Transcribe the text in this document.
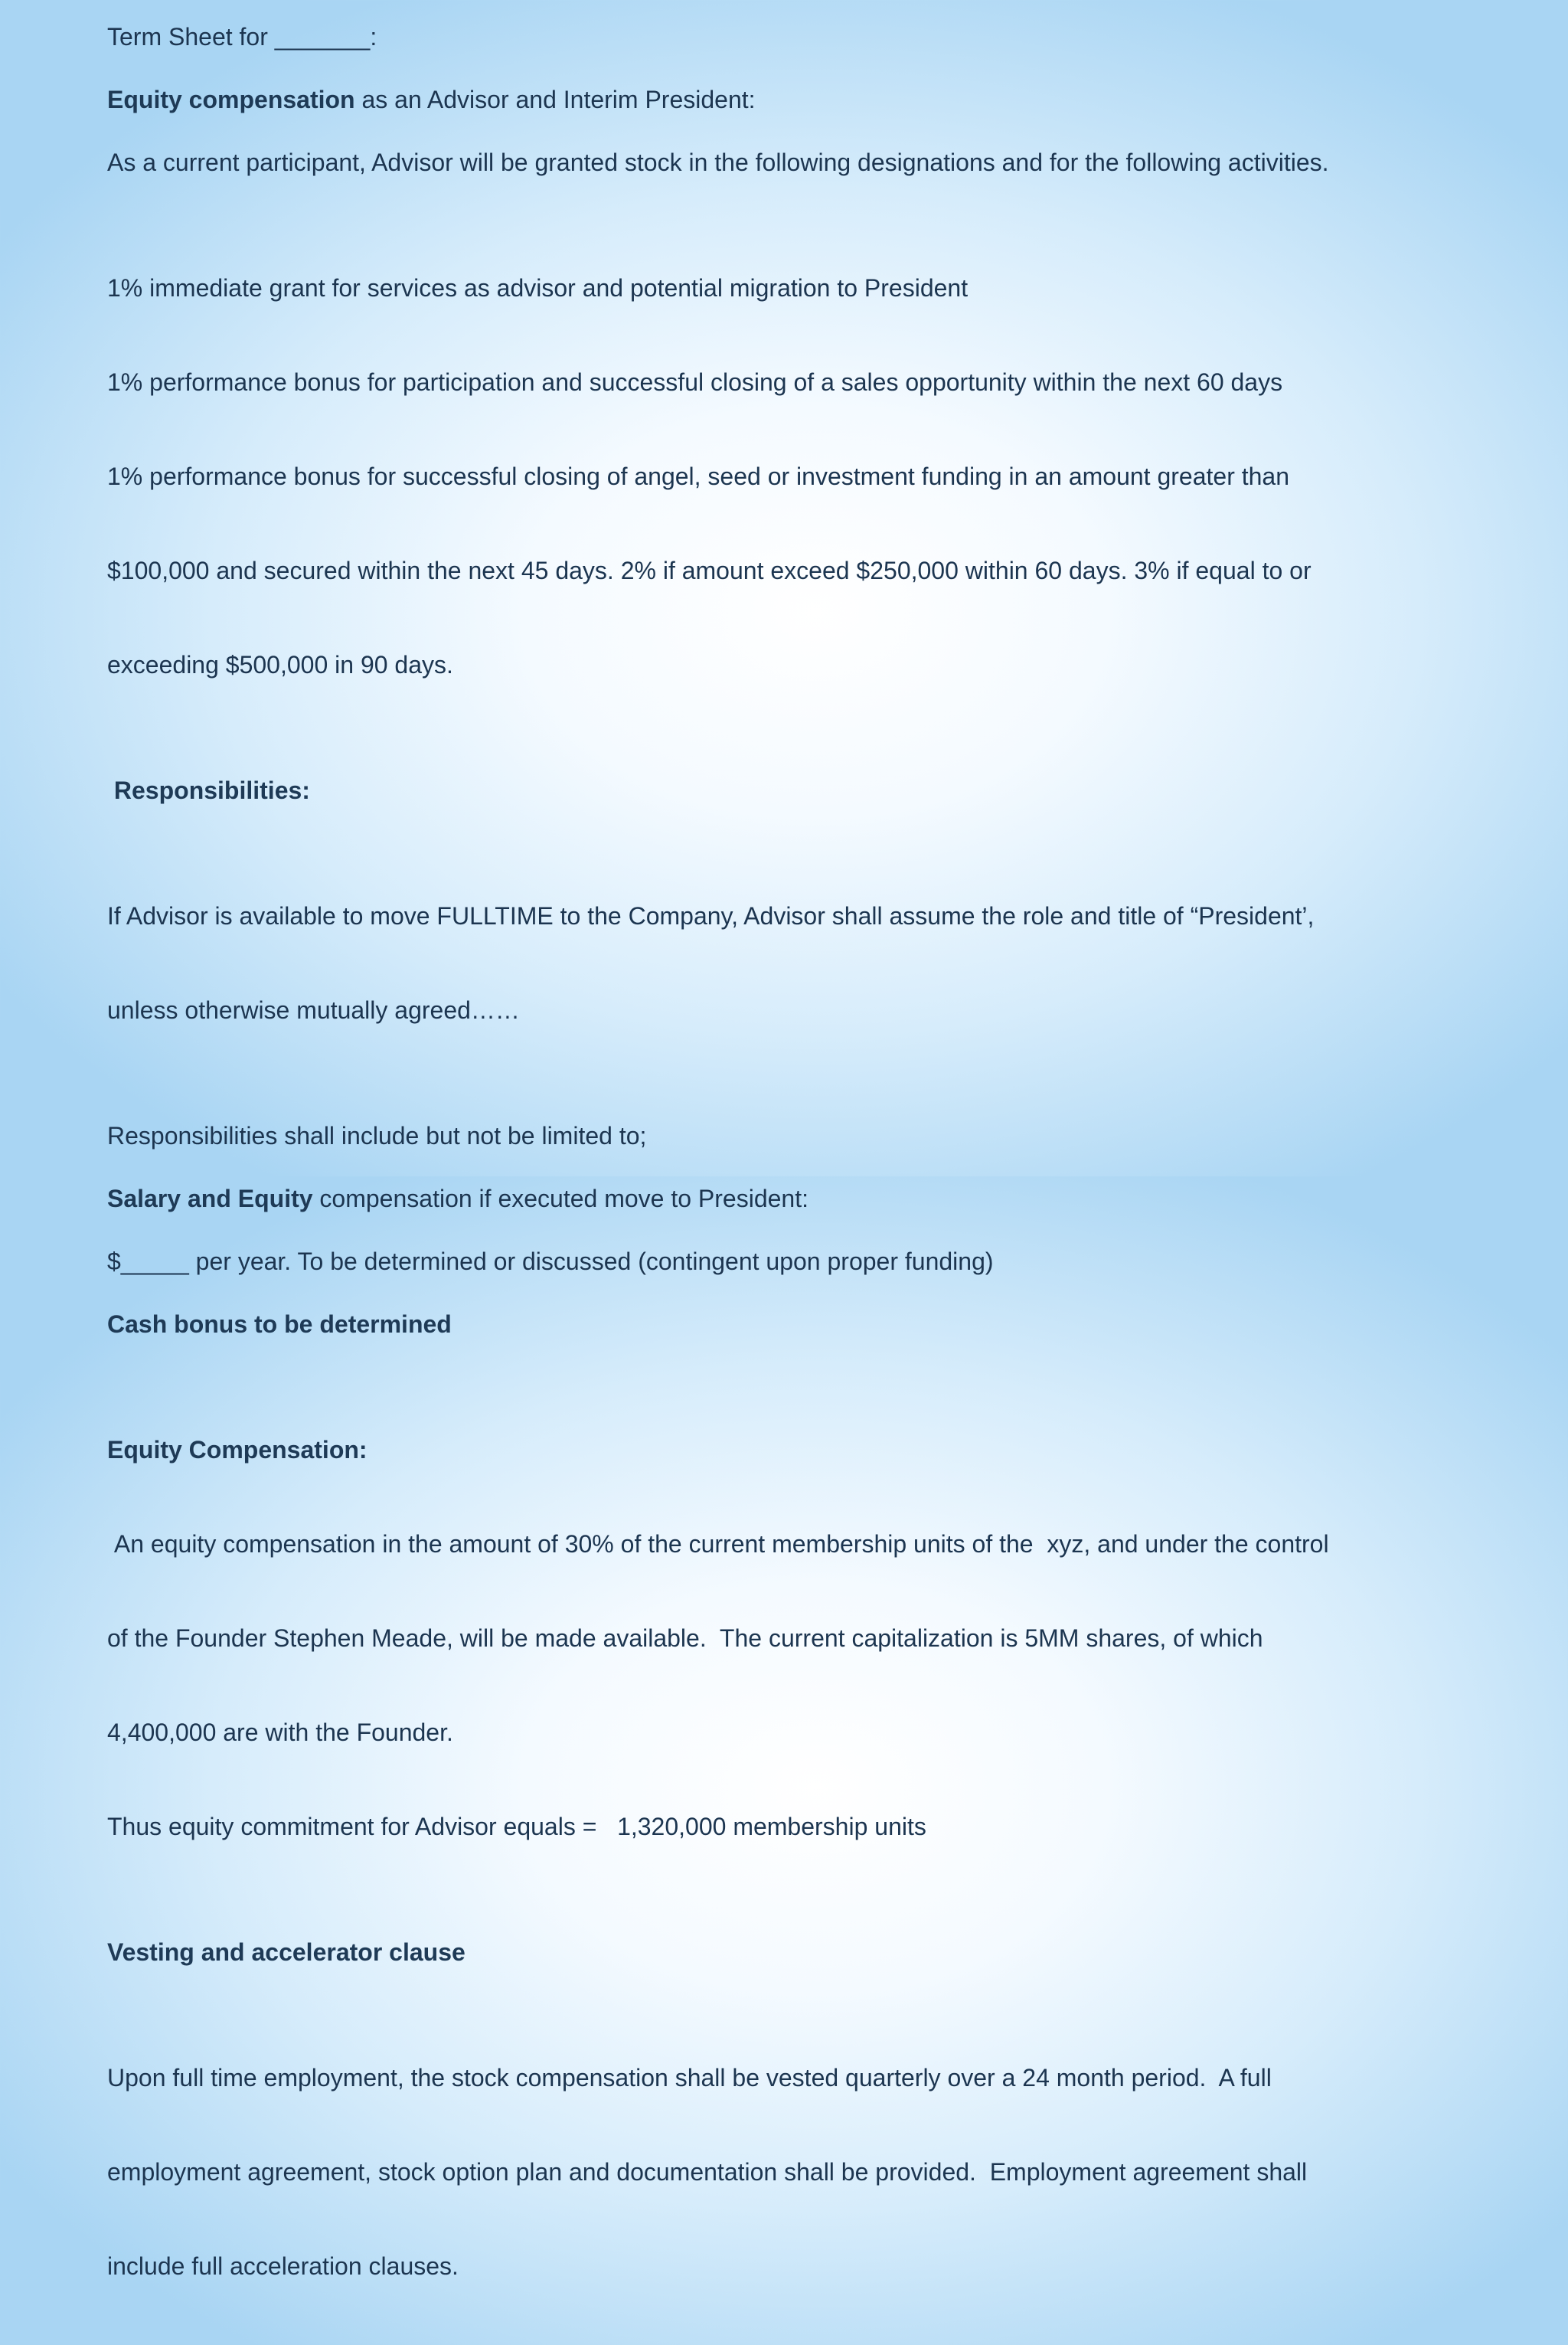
Term Sheet for _______:

Equity compensation as an Advisor and Interim President:

As a current participant, Advisor will be granted stock in the following designations and for the following activities.

1% immediate grant for services as advisor and potential migration to President

1% performance bonus for participation and successful closing of a sales opportunity within the next 60 days

1% performance bonus for successful closing of angel, seed or investment funding in an amount greater than

$100,000 and secured within the next 45 days. 2% if amount exceed $250,000 within 60 days. 3% if equal to or

exceeding $500,000 in 90 days.

Responsibilities:

If Advisor is available to move FULLTIME to the Company, Advisor shall assume the role and title of “President’,

unless otherwise mutually agreed……

Responsibilities shall include but not be limited to;

Salary and Equity compensation if executed move to President:

$_____ per year. To be determined or discussed (contingent upon proper funding)

Cash bonus to be determined

Equity Compensation:

An equity compensation in the amount of 30% of the current membership units of the  xyz, and under the control

of the Founder Stephen Meade, will be made available.  The current capitalization is 5MM shares, of which

4,400,000 are with the Founder.

Thus equity commitment for Advisor equals =   1,320,000 membership units

Vesting and accelerator clause

Upon full time employment, the stock compensation shall be vested quarterly over a 24 month period.  A full

employment agreement, stock option plan and documentation shall be provided.  Employment agreement shall

include full acceleration clauses.
